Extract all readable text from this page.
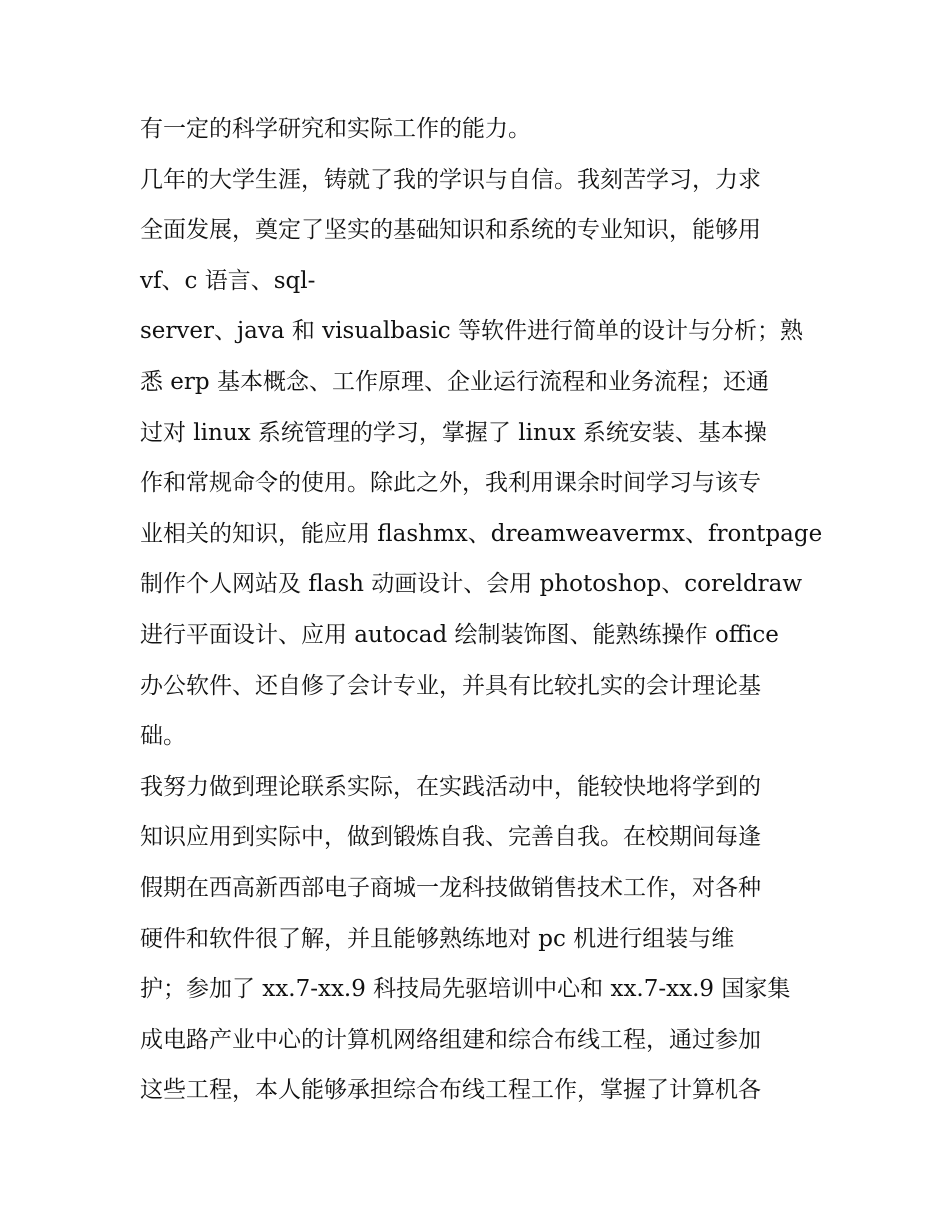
有一定的科学研究和实际工作的能力。
几年的大学生涯，铸就了我的学识与自信。我刻苦学习，力求
全面发展，奠定了坚实的基础知识和系统的专业知识，能够用
vf、c 语言、sql-
server、java 和 visualbasic 等软件进行简单的设计与分析；熟
悉 erp 基本概念、工作原理、企业运行流程和业务流程；还通
过对 linux 系统管理的学习，掌握了 linux 系统安装、基本操
作和常规命令的使用。除此之外，我利用课余时间学习与该专
业相关的知识，能应用 flashmx、dreamweavermx、frontpage
制作个人网站及 flash 动画设计、会用 photoshop、coreldraw
进行平面设计、应用 autocad 绘制装饰图、能熟练操作 office
办公软件、还自修了会计专业，并具有比较扎实的会计理论基
础。
我努力做到理论联系实际，在实践活动中，能较快地将学到的
知识应用到实际中，做到锻炼自我、完善自我。在校期间每逢
假期在西高新西部电子商城一龙科技做销售技术工作，对各种
硬件和软件很了解，并且能够熟练地对 pc 机进行组装与维
护；参加了 xx.7-xx.9 科技局先驱培训中心和 xx.7-xx.9 国家集
成电路产业中心的计算机网络组建和综合布线工程，通过参加
这些工程，本人能够承担综合布线工程工作，掌握了计算机各
